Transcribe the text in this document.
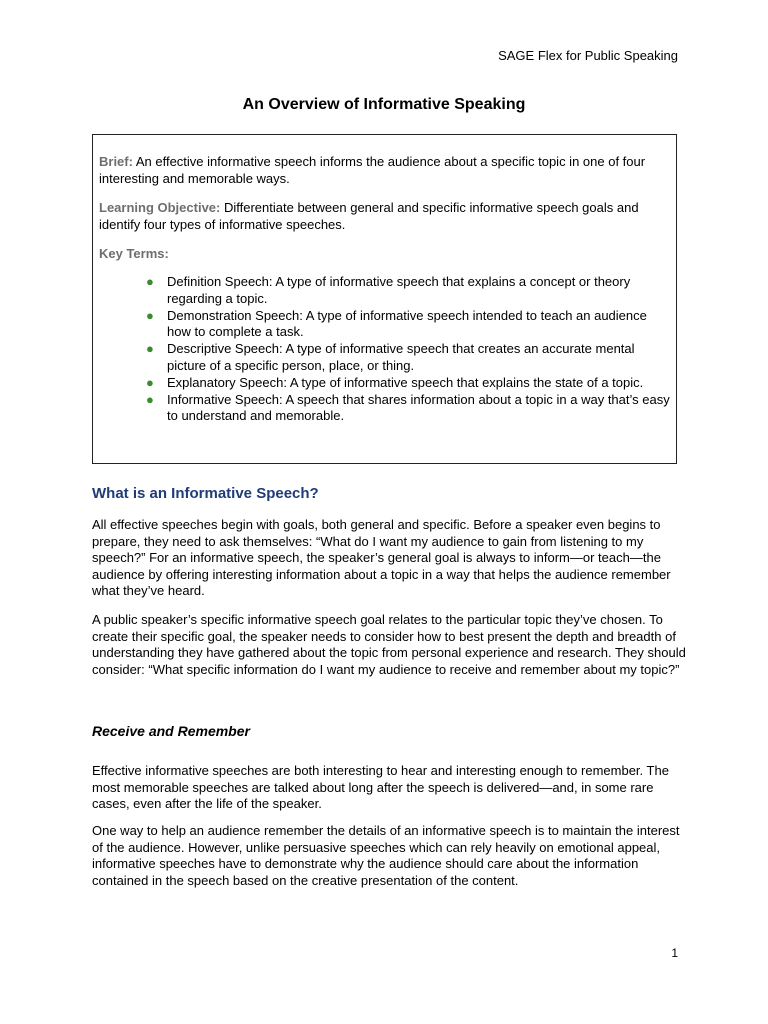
SAGE Flex for Public Speaking
An Overview of Informative Speaking

Brief: An effective informative speech informs the audience about a specific topic in one of four interesting and memorable ways.

Learning Objective: Differentiate between general and specific informative speech goals and identify four types of informative speeches.

Key Terms:

● Definition Speech: A type of informative speech that explains a concept or theory regarding a topic.
● Demonstration Speech: A type of informative speech intended to teach an audience how to complete a task.
● Descriptive Speech: A type of informative speech that creates an accurate mental picture of a specific person, place, or thing.
● Explanatory Speech: A type of informative speech that explains the state of a topic.
● Informative Speech: A speech that shares information about a topic in a way that’s easy to understand and memorable.
What is an Informative Speech?

All effective speeches begin with goals, both general and specific. Before a speaker even begins to prepare, they need to ask themselves: “What do I want my audience to gain from listening to my speech?” For an informative speech, the speaker’s general goal is always to inform—or teach—the audience by offering interesting information about a topic in a way that helps the audience remember what they’ve heard.

A public speaker’s specific informative speech goal relates to the particular topic they’ve chosen. To create their specific goal, the speaker needs to consider how to best present the depth and breadth of understanding they have gathered about the topic from personal experience and research. They should consider: “What specific information do I want my audience to receive and remember about my topic?”

Receive and Remember

Effective informative speeches are both interesting to hear and interesting enough to remember. The most memorable speeches are talked about long after the speech is delivered—and, in some rare cases, even after the life of the speaker.

One way to help an audience remember the details of an informative speech is to maintain the interest of the audience. However, unlike persuasive speeches which can rely heavily on emotional appeal, informative speeches have to demonstrate why the audience should care about the information contained in the speech based on the creative presentation of the content.

1
